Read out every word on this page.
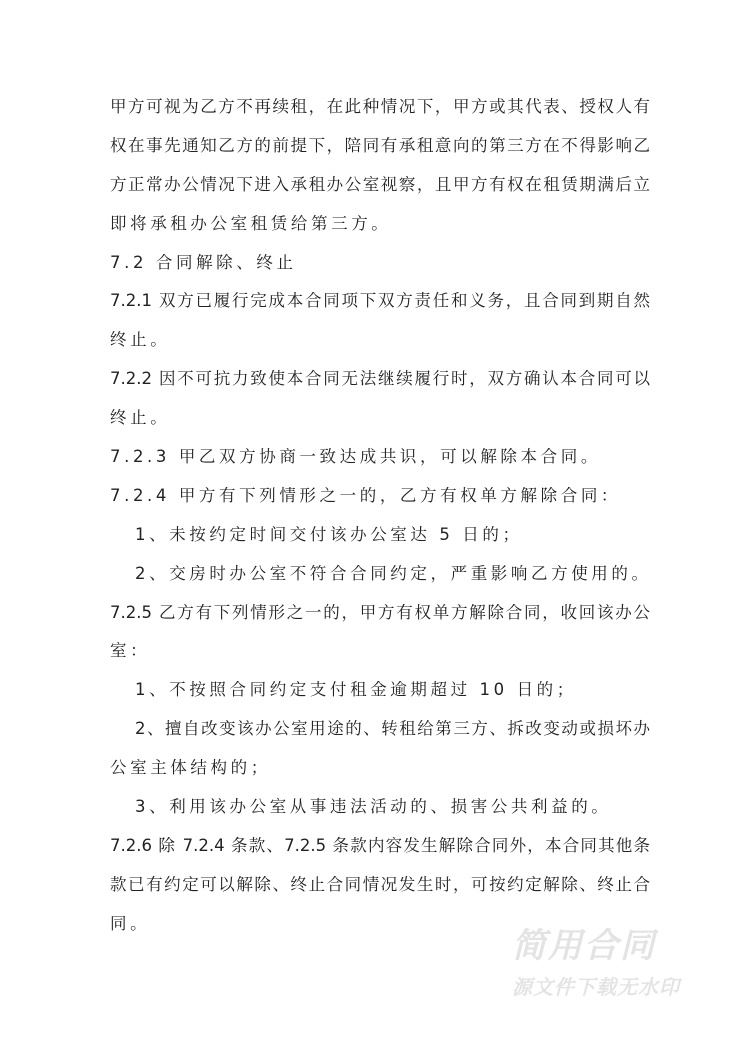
甲方可视为乙方不再续租，在此种情况下，甲方或其代表、授权人有
权在事先通知乙方的前提下，陪同有承租意向的第三方在不得影响乙
方正常办公情况下进入承租办公室视察，且甲方有权在租赁期满后立
即将承租办公室租赁给第三方。
7.2 合同解除、终止
7.2.1 双方已履行完成本合同项下双方责任和义务，且合同到期自然
终止。
7.2.2 因不可抗力致使本合同无法继续履行时，双方确认本合同可以
终止。
7.2.3 甲乙双方协商一致达成共识，可以解除本合同。
7.2.4 甲方有下列情形之一的，乙方有权单方解除合同：
1、未按约定时间交付该办公室达 5 日的；
2、交房时办公室不符合合同约定，严重影响乙方使用的。
7.2.5 乙方有下列情形之一的，甲方有权单方解除合同，收回该办公
室：
1、不按照合同约定支付租金逾期超过 10 日的；
2、擅自改变该办公室用途的、转租给第三方、拆改变动或损坏办
公室主体结构的；
3、利用该办公室从事违法活动的、损害公共利益的。
7.2.6 除 7.2.4 条款、7.2.5 条款内容发生解除合同外，本合同其他条
款已有约定可以解除、终止合同情况发生时，可按约定解除、终止合
同。
简用合同
源文件下载无水印
